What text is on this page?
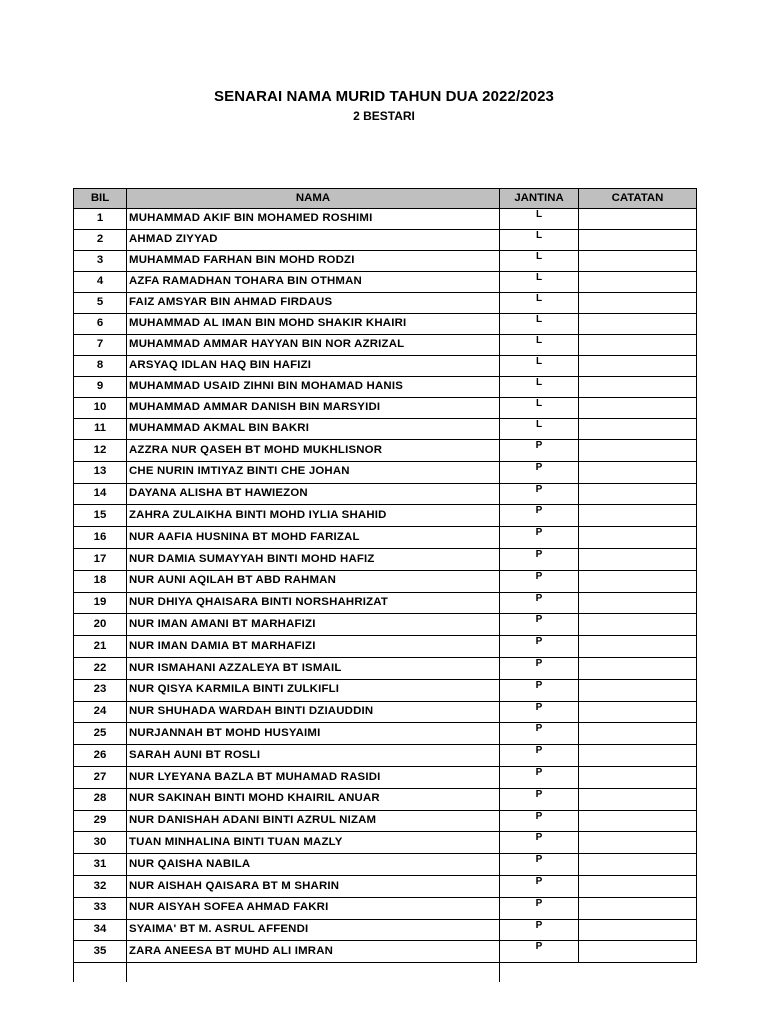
SENARAI NAMA MURID TAHUN DUA 2022/2023
2 BESTARI
BIL	NAMA	JANTINA	CATATAN
1	MUHAMMAD AKIF BIN MOHAMED ROSHIMI	L	
2	AHMAD ZIYYAD	L	
3	MUHAMMAD FARHAN BIN MOHD RODZI	L	
4	AZFA RAMADHAN TOHARA BIN OTHMAN	L	
5	FAIZ AMSYAR BIN AHMAD FIRDAUS	L	
6	MUHAMMAD AL IMAN BIN MOHD SHAKIR KHAIRI	L	
7	MUHAMMAD AMMAR HAYYAN BIN NOR AZRIZAL	L	
8	ARSYAQ IDLAN HAQ BIN HAFIZI	L	
9	MUHAMMAD USAID ZIHNI BIN MOHAMAD HANIS	L	
10	MUHAMMAD AMMAR DANISH BIN MARSYIDI	L	
11	MUHAMMAD AKMAL BIN BAKRI	L	
12	AZZRA NUR QASEH BT MOHD MUKHLISNOR	P	
13	CHE NURIN IMTIYAZ BINTI CHE JOHAN	P	
14	DAYANA ALISHA BT HAWIEZON	P	
15	ZAHRA ZULAIKHA BINTI MOHD IYLIA SHAHID	P	
16	NUR AAFIA HUSNINA BT MOHD FARIZAL	P	
17	NUR DAMIA SUMAYYAH BINTI MOHD HAFIZ	P	
18	NUR AUNI AQILAH BT ABD RAHMAN	P	
19	NUR DHIYA QHAISARA BINTI NORSHAHRIZAT	P	
20	NUR IMAN AMANI BT MARHAFIZI	P	
21	NUR IMAN DAMIA BT MARHAFIZI	P	
22	NUR ISMAHANI AZZALEYA BT ISMAIL	P	
23	NUR QISYA KARMILA BINTI ZULKIFLI	P	
24	NUR SHUHADA WARDAH BINTI DZIAUDDIN	P	
25	NURJANNAH BT MOHD HUSYAIMI	P	
26	SARAH AUNI BT ROSLI	P	
27	NUR LYEYANA BAZLA BT MUHAMAD RASIDI	P	
28	NUR SAKINAH BINTI MOHD KHAIRIL ANUAR	P	
29	NUR DANISHAH ADANI BINTI AZRUL NIZAM	P	
30	TUAN MINHALINA BINTI TUAN MAZLY	P	
31	NUR QAISHA NABILA	P	
32	NUR AISHAH QAISARA BT M SHARIN	P	
33	NUR AISYAH SOFEA AHMAD FAKRI	P	
34	SYAIMA' BT M. ASRUL AFFENDI	P	
35	ZARA ANEESA BT MUHD ALI IMRAN	P	
